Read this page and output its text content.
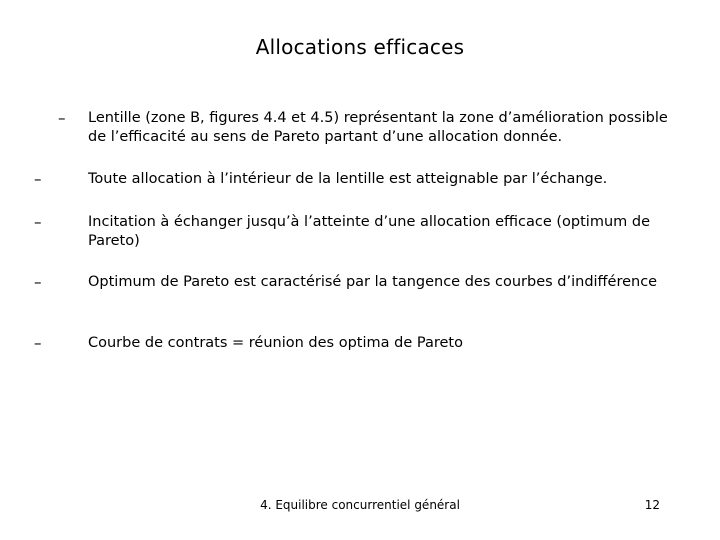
Allocations efficaces
– Lentille (zone B, figures 4.4 et 4.5) représentant la zone d’amélioration possible de l’efficacité au sens de Pareto partant d’une allocation donnée.
–	Toute allocation à l’intérieur de la lentille est atteignable par l’échange.
–	Incitation à échanger jusqu’à l’atteinte d’une allocation efficace (optimum de Pareto)
–	Optimum de Pareto est caractérisé par la tangence des courbes d’indifférence
–	Courbe de contrats = réunion des optima de Pareto
4. Equilibre concurrentiel général	12
